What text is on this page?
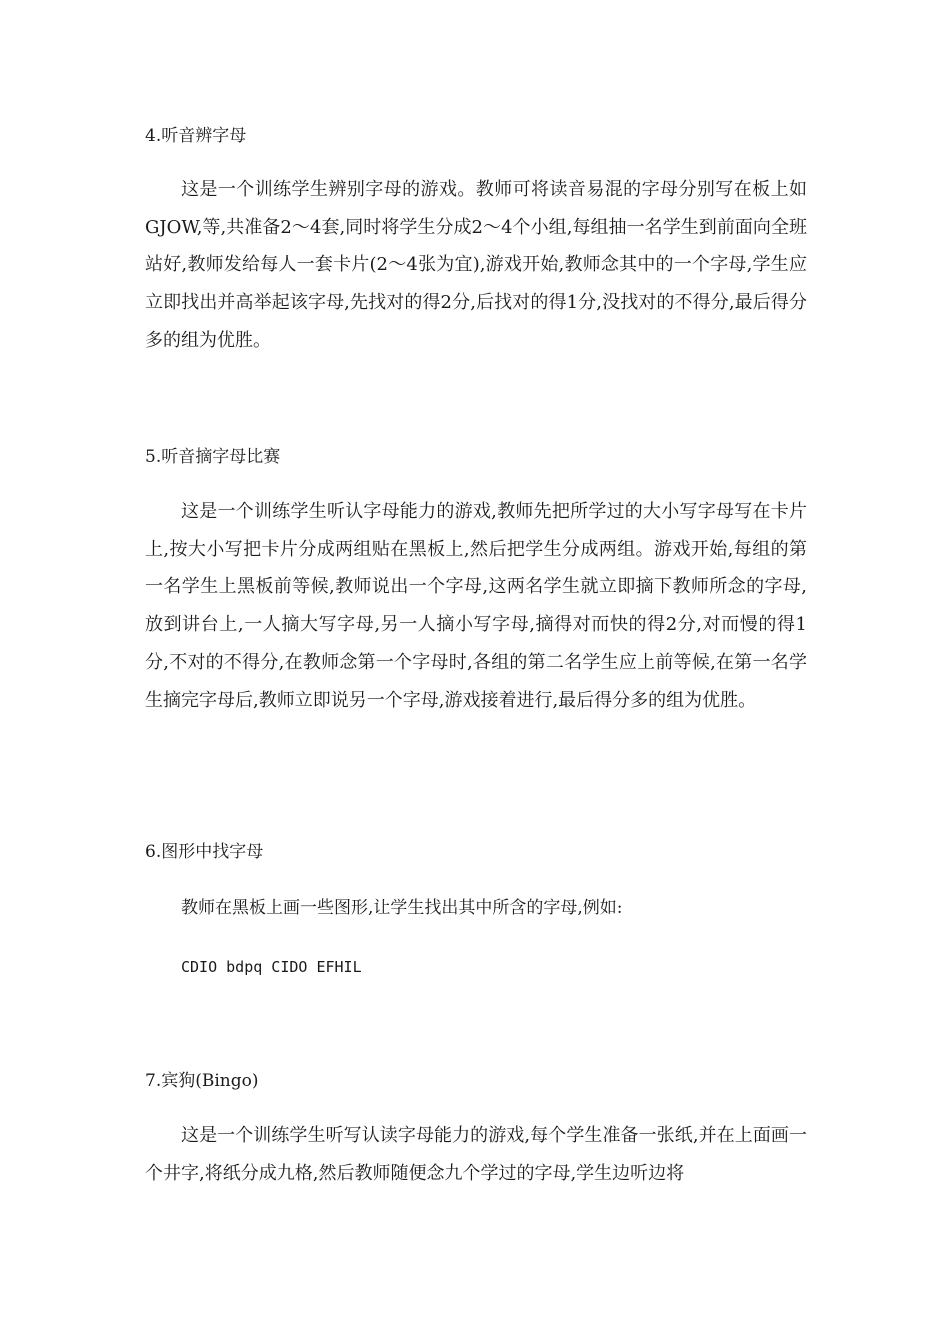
4.听音辨字母

这是一个训练学生辨别字母的游戏。教师可将读音易混的字母分别写在板上如GJOW,等,共准备2～4套,同时将学生分成2～4个小组,每组抽一名学生到前面向全班站好,教师发给每人一套卡片(2～4张为宜),游戏开始,教师念其中的一个字母,学生应立即找出并高举起该字母,先找对的得2分,后找对的得1分,没找对的不得分,最后得分多的组为优胜。

5.听音摘字母比赛

这是一个训练学生听认字母能力的游戏,教师先把所学过的大小写字母写在卡片上,按大小写把卡片分成两组贴在黑板上,然后把学生分成两组。游戏开始,每组的第一名学生上黑板前等候,教师说出一个字母,这两名学生就立即摘下教师所念的字母,放到讲台上,一人摘大写字母,另一人摘小写字母,摘得对而快的得2分,对而慢的得1分,不对的不得分,在教师念第一个字母时,各组的第二名学生应上前等候,在第一名学生摘完字母后,教师立即说另一个字母,游戏接着进行,最后得分多的组为优胜。

6.图形中找字母
教师在黑板上画一些图形,让学生找出其中所含的字母,例如:
CDIO bdpq CIDO EFHIL
7.宾狗(Bingo)

这是一个训练学生听写认读字母能力的游戏,每个学生准备一张纸,并在上面画一个井字,将纸分成九格,然后教师随便念九个学过的字母,学生边听边将
